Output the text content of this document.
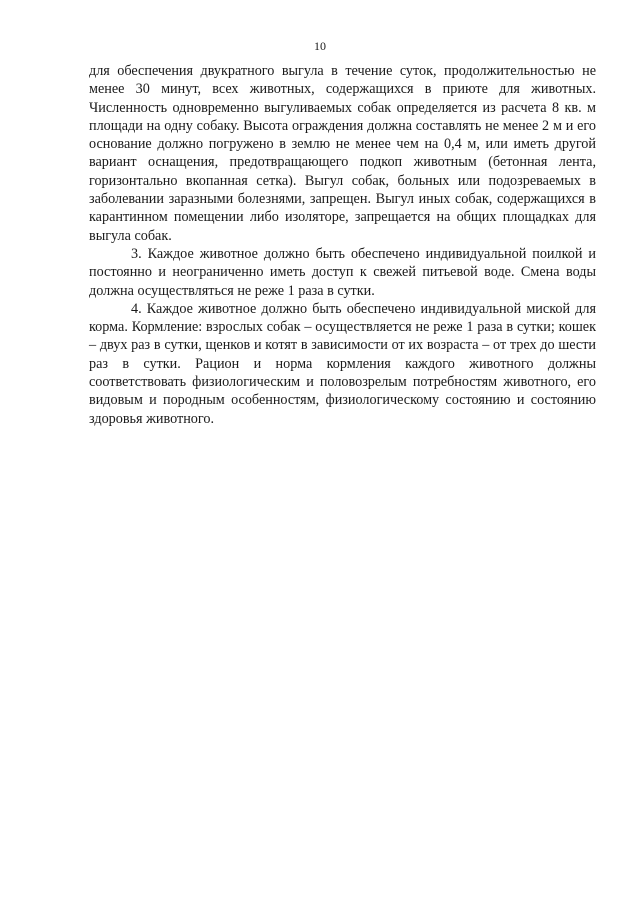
10

для обеспечения двукратного выгула в течение суток, продолжительностью не менее 30 минут, всех животных, содержащихся в приюте для животных. Численность одновременно выгуливаемых собак определяется из расчета 8 кв. м площади на одну собаку. Высота ограждения должна составлять не менее 2 м и его основание должно погружено в землю не менее чем на 0,4 м, или иметь другой вариант оснащения, предотвращающего подкоп животным (бетонная лента, горизонтально вкопанная сетка). Выгул собак, больных или подозреваемых в заболевании заразными болезнями, запрещен. Выгул иных собак, содержащихся в карантинном помещении либо изоляторе, запрещается на общих площадках для выгула собак.

3. Каждое животное должно быть обеспечено индивидуальной поилкой и постоянно и неограниченно иметь доступ к свежей питьевой воде. Смена воды должна осуществляться не реже 1 раза в сутки.

4. Каждое животное должно быть обеспечено индивидуальной миской для корма. Кормление: взрослых собак – осуществляется не реже 1 раза в сутки; кошек – двух раз в сутки, щенков и котят в зависимости от их возраста – от трех до шести раз в сутки. Рацион и норма кормления каждого животного должны соответствовать физиологическим и половозрелым потребностям животного, его видовым и породным особенностям, физиологическому состоянию и состоянию здоровья животного.
